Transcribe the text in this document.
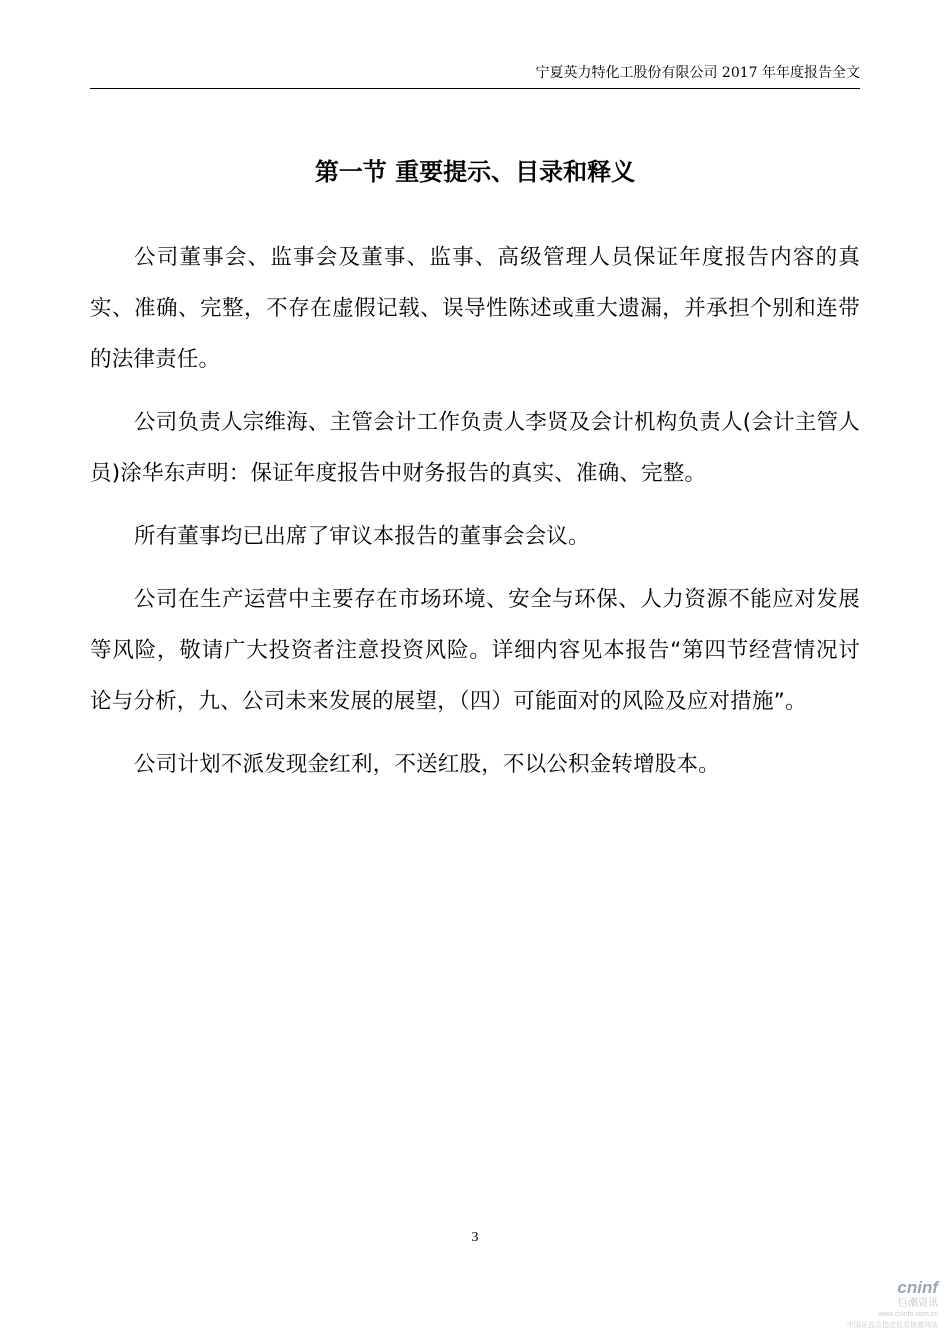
宁夏英力特化工股份有限公司 2017 年年度报告全文
第一节 重要提示、目录和释义

公司董事会、监事会及董事、监事、高级管理人员保证年度报告内容的真实、准确、完整，不存在虚假记载、误导性陈述或重大遗漏，并承担个别和连带的法律责任。

公司负责人宗维海、主管会计工作负责人李贤及会计机构负责人(会计主管人员)涂华东声明：保证年度报告中财务报告的真实、准确、完整。

所有董事均已出席了审议本报告的董事会会议。

公司在生产运营中主要存在市场环境、安全与环保、人力资源不能应对发展等风险，敬请广大投资者注意投资风险。详细内容见本报告“第四节经营情况讨论与分析，九、公司未来发展的展望，（四）可能面对的风险及应对措施”。

公司计划不派发现金红利，不送红股，不以公积金转增股本。

3
cninf
巨潮资讯
www.cninfo.com.cn
中国证监会指定信息披露网站
